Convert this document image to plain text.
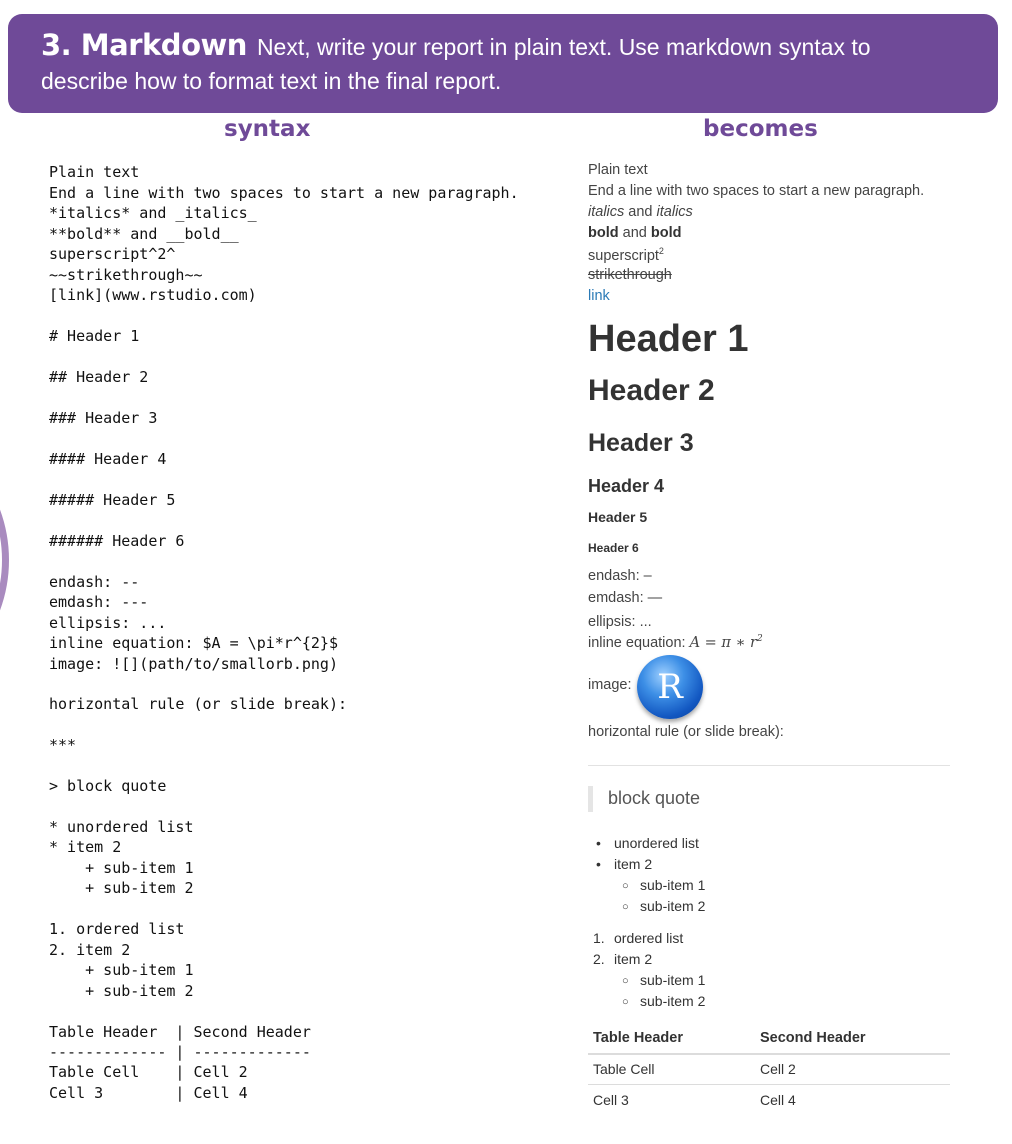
3. Markdown Next, write your report in plain text. Use markdown syntax to
describe how to format text in the final report.
syntax	becomes
Plain text
End a line with two spaces to start a new paragraph.
*italics* and _italics_
**bold** and __bold__
superscript^2^
~~strikethrough~~
[link](www.rstudio.com)
# Header 1
## Header 2
### Header 3
#### Header 4
##### Header 5
###### Header 6
endash: --
emdash: ---
ellipsis: ...
inline equation: $A = \pi*r^{2}$
image: ![](path/to/smallorb.png)
horizontal rule (or slide break):
***
> block quote
* unordered list
* item 2
+ sub-item 1
+ sub-item 2
1. ordered list
2. item 2
+ sub-item 1
+ sub-item 2
Table Header  | Second Header
------------- | -------------
Table Cell    | Cell 2
Cell 3        | Cell 4
Plain text
End a line with two spaces to start a new paragraph.
italics and italics
bold and bold
superscript$^2$
strikethrough
link
Header 1
Header 2
Header 3
Header 4
Header 5
Header 6
endash: –
emdash: —
ellipsis: ...
inline equation: A = π ∗ $r^2$
image: R
horizontal rule (or slide break):
block quote
• unordered list
• item 2
○ sub-item 1
○ sub-item 2
1. ordered list
2. item 2
○ sub-item 1
○ sub-item 2
Table Header	Second Header
Table Cell	Cell 2
Cell 3	Cell 4
